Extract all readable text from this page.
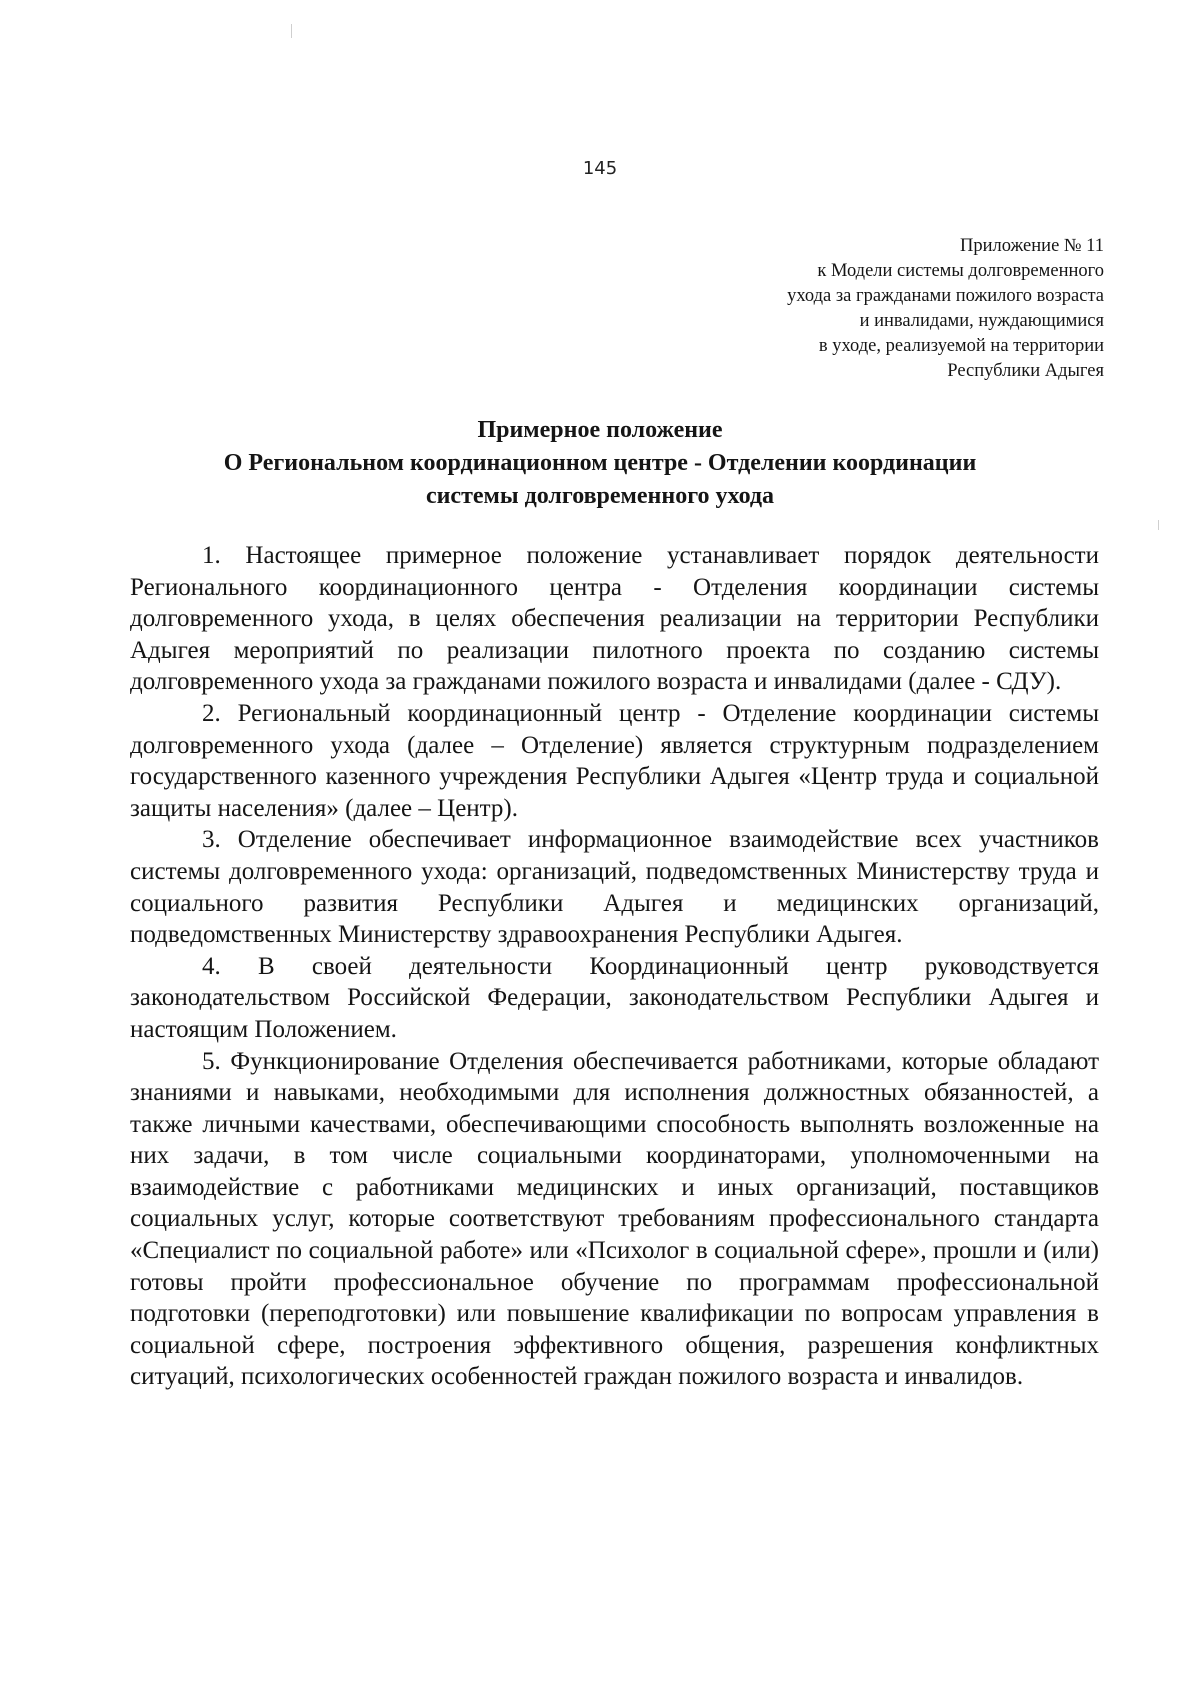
145
Приложение № 11
к Модели системы долговременного
ухода за гражданами пожилого возраста
и инвалидами, нуждающимися
в уходе, реализуемой на территории
Республики Адыгея
Примерное положение
О Региональном координационном центре - Отделении координации
системы долговременного ухода

1. Настоящее примерное положение устанавливает порядок деятельности Регионального координационного центра - Отделения координации системы долговременного ухода, в целях обеспечения реализации на территории Республики Адыгея мероприятий по реализации пилотного проекта по созданию системы долговременного ухода за гражданами пожилого возраста и инвалидами (далее - СДУ).

2. Региональный координационный центр - Отделение координации системы долговременного ухода (далее – Отделение) является структурным подразделением государственного казенного учреждения Республики Адыгея «Центр труда и социальной защиты населения» (далее – Центр).

3. Отделение обеспечивает информационное взаимодействие всех участников системы долговременного ухода: организаций, подведомственных Министерству труда и социального развития Республики Адыгея и медицинских организаций, подведомственных Министерству здравоохранения Республики Адыгея.

4. В своей деятельности Координационный центр руководствуется законодательством Российской Федерации, законодательством Республики Адыгея и настоящим Положением.

5. Функционирование Отделения обеспечивается работниками, которые обладают знаниями и навыками, необходимыми для исполнения должностных обязанностей, а также личными качествами, обеспечивающими способность выполнять возложенные на них задачи, в том числе социальными координаторами, уполномоченными на взаимодействие с работниками медицинских и иных организаций, поставщиков социальных услуг, которые соответствуют требованиям профессионального стандарта «Специалист по социальной работе» или «Психолог в социальной сфере», прошли и (или) готовы пройти профессиональное обучение по программам профессиональной подготовки (переподготовки) или повышение квалификации по вопросам управления в социальной сфере, построения эффективного общения, разрешения конфликтных ситуаций, психологических особенностей граждан пожилого возраста и инвалидов.
